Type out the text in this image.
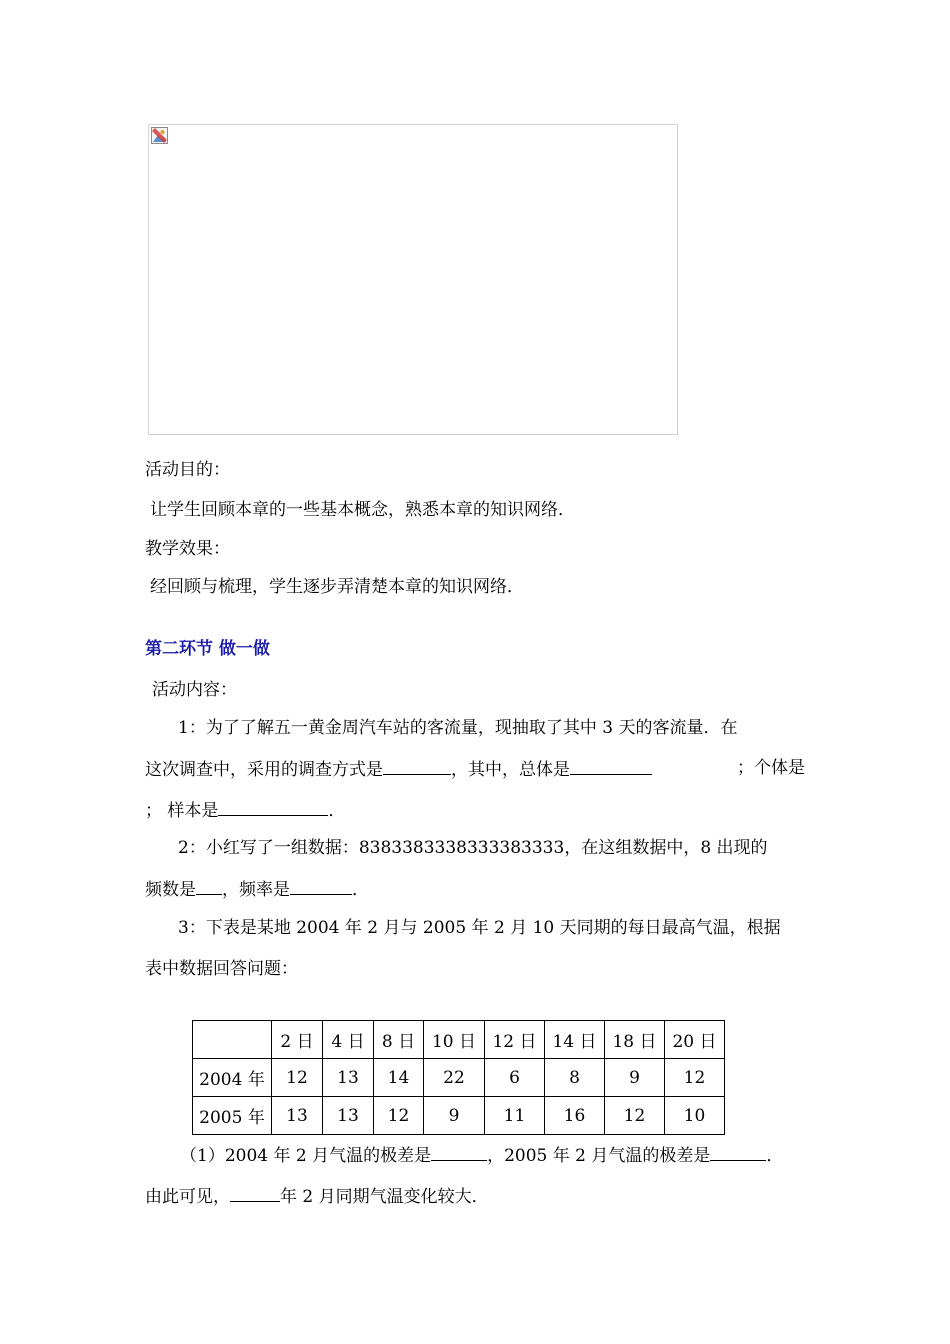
活动目的：
让学生回顾本章的一些基本概念，熟悉本章的知识网络．
教学效果：
经回顾与梳理，学生逐步弄清楚本章的知识网络．
第二环节 做一做
活动内容：
1：为了了解五一黄金周汽车站的客流量，现抽取了其中 3 天的客流量．在
这次调查中，采用的调查方式是	，其中，总体是	；个体是
； 样本是	．
2：小红写了一组数据：8383383338333383333，在这组数据中，8 出现的
频数是 ，频率是	．
3：下表是某地 2004 年 2 月与 2005 年 2 月 10 天同期的每日最高气温，根据
表中数据回答问题：
	2 日	4 日	8 日	10 日	12 日	14 日	18 日	20 日
2004 年	12	13	14	22	6	8	9	12
2005 年	13	13	12	9	11	16	12	10
（1）2004 年 2 月气温的极差是	，2005 年 2 月气温的极差是	．
由此可见，	年 2 月同期气温变化较大．
